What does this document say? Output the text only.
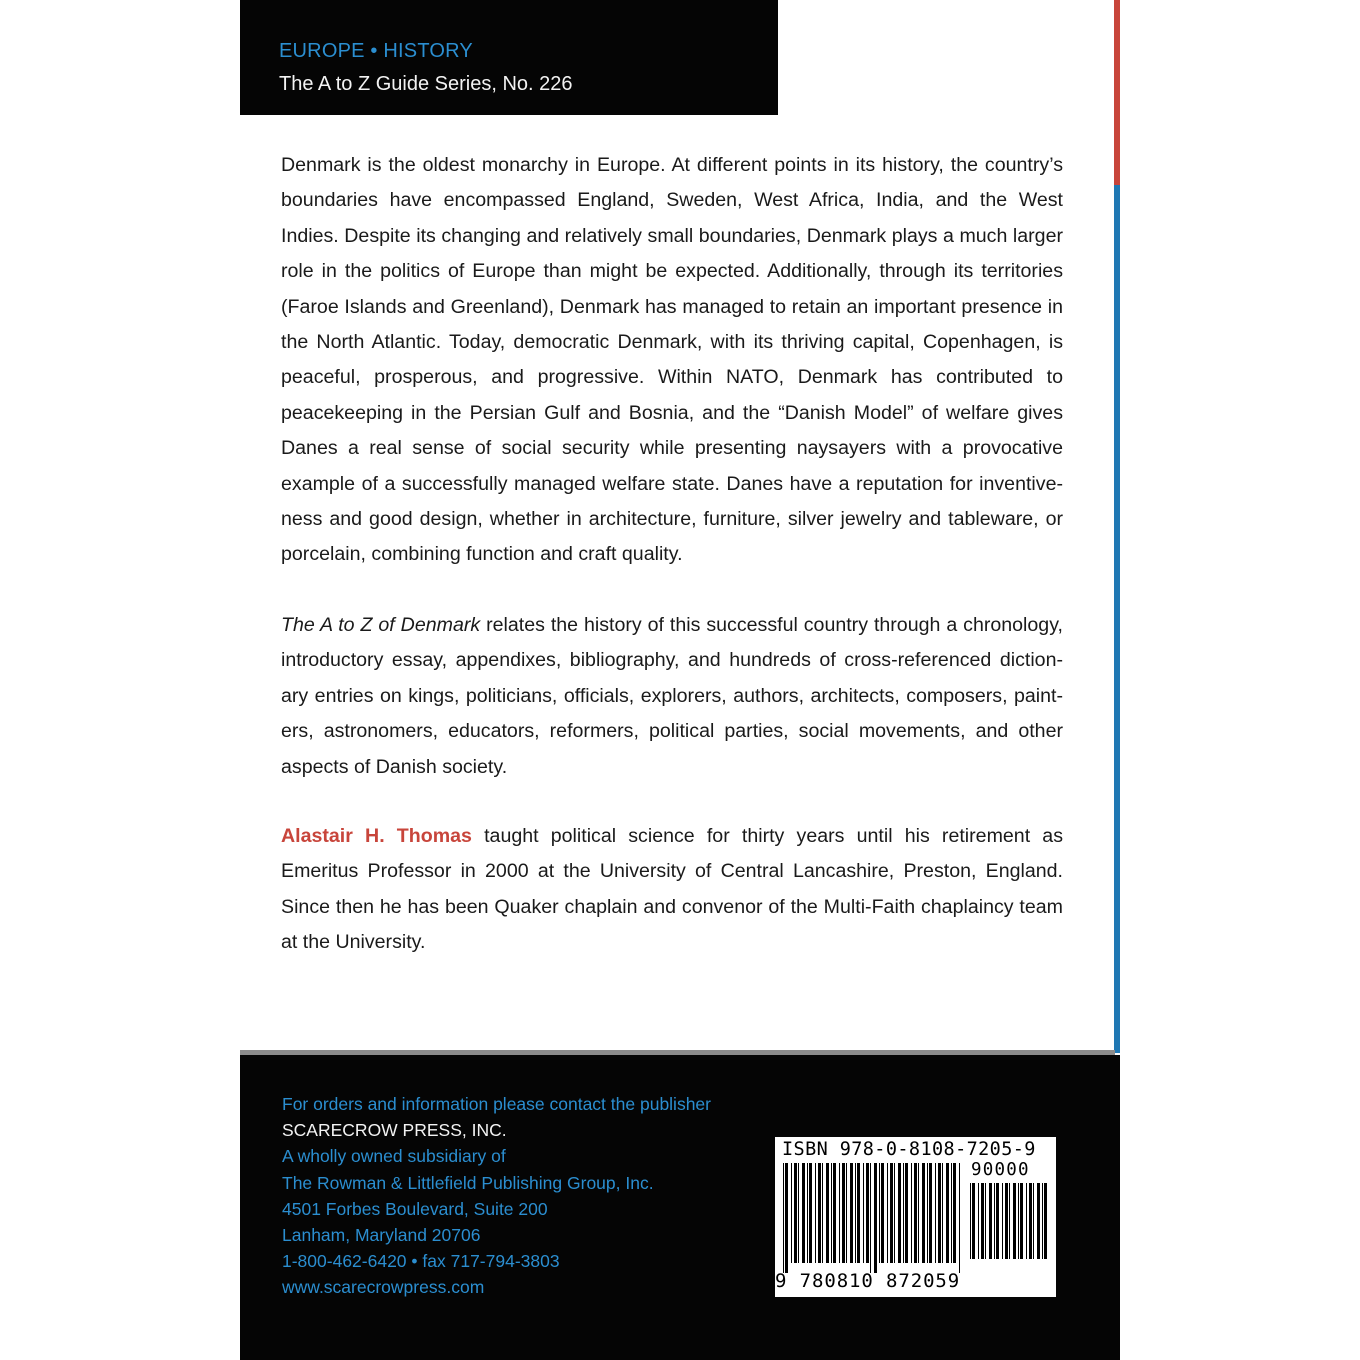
EUROPE • HISTORY
The A to Z Guide Series, No. 226

Denmark is the oldest monarchy in Europe. At different points in its history, the country’s boundaries have encompassed England, Sweden, West Africa, India, and the West Indies. Despite its changing and relatively small boundaries, Denmark plays a much larger role in the politics of Europe than might be expected. Additionally, through its territories (Faroe Islands and Greenland), Denmark has managed to retain an important presence in the North Atlantic. Today, democratic Denmark, with its thriving capital, Copenhagen, is peaceful, prosperous, and progressive. Within NATO, Denmark has contributed to peacekeeping in the Persian Gulf and Bosnia, and the “Danish Model” of welfare gives Danes a real sense of social security while presenting naysayers with a provocative example of a successfully managed welfare state. Danes have a reputation for inventive-ness and good design, whether in architecture, furniture, silver jewelry and tableware, or porcelain, combining function and craft quality.

The A to Z of Denmark relates the history of this successful country through a chronology, introductory essay, appendixes, bibliography, and hundreds of cross-referenced diction-ary entries on kings, politicians, officials, explorers, authors, architects, composers, paint-ers, astronomers, educators, reformers, political parties, social movements, and other aspects of Danish society.

Alastair H. Thomas taught political science for thirty years until his retirement as Emeritus Professor in 2000 at the University of Central Lancashire, Preston, England. Since then he has been Quaker chaplain and convenor of the Multi-Faith chaplaincy team at the University.

For orders and information please contact the publisher
SCARECROW PRESS, INC.
A wholly owned subsidiary of
The Rowman & Littlefield Publishing Group, Inc.
4501 Forbes Boulevard, Suite 200
Lanham, Maryland 20706
1-800-462-6420 • fax 717-794-3803
www.scarecrowpress.com
ISBN 978-0-8108-7205-9
90000
9 780810 872059
